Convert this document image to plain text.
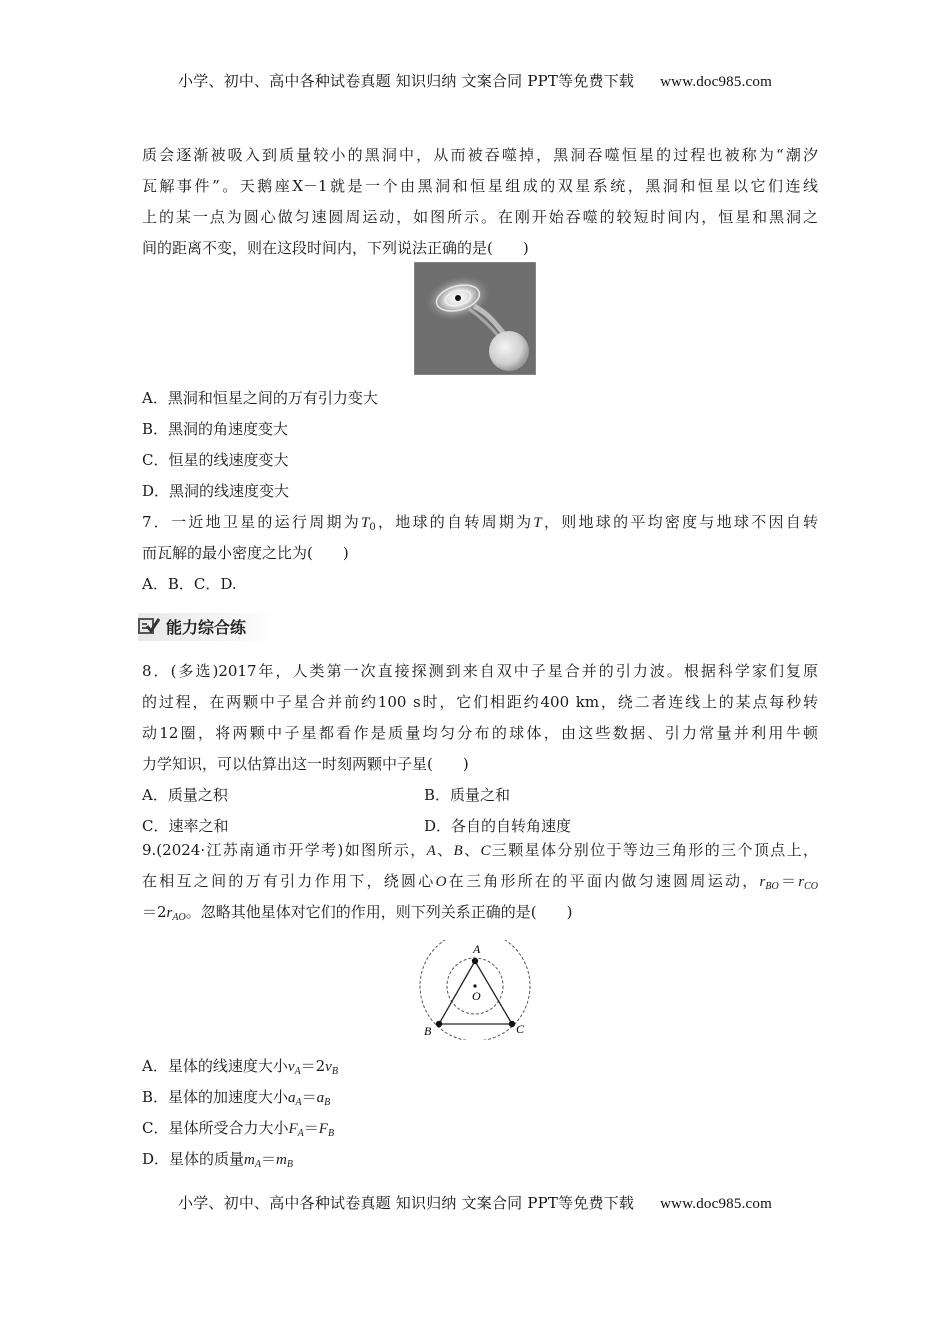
小学、初中、高中各种试卷真题 知识归纳 文案合同 PPT等免费下载 www.doc985.com
质会逐渐被吸入到质量较小的黑洞中，从而被吞噬掉，黑洞吞噬恒星的过程也被称为“潮汐
瓦解事件”。天鹅座X－1就是一个由黑洞和恒星组成的双星系统，黑洞和恒星以它们连线
上的某一点为圆心做匀速圆周运动，如图所示。在刚开始吞噬的较短时间内，恒星和黑洞之
间的距离不变，则在这段时间内，下列说法正确的是(　　)
A．黑洞和恒星之间的万有引力变大
B．黑洞的角速度变大
C．恒星的线速度变大
D．黑洞的线速度变大
7．一近地卫星的运行周期为$T_0$，地球的自转周期为T，则地球的平均密度与地球不因自转
而瓦解的最小密度之比为(　　)
A．B．C．D.
能力综合练
8．(多选)2017年，人类第一次直接探测到来自双中子星合并的引力波。根据科学家们复原
的过程，在两颗中子星合并前约100 s时，它们相距约400 km，绕二者连线上的某点每秒转
动12圈，将两颗中子星都看作是质量均匀分布的球体，由这些数据、引力常量并利用牛顿
力学知识，可以估算出这一时刻两颗中子星(　　)
A．质量之积	B．质量之和
C．速率之和	D．各自的自转角速度
9.(2024·江苏南通市开学考)如图所示，A、B、C三颗星体分别位于等边三角形的三个顶点上，
在相互之间的万有引力作用下，绕圆心O在三角形所在的平面内做匀速圆周运动，$r_{BO}=r_{CO}$
$=2r_{AO}$。忽略其他星体对它们的作用，则下列关系正确的是(　　)
A
B	C
O
A．星体的线速度大小$v_A=2v_B$
B．星体的加速度大小$a_A=a_B$
C．星体所受合力大小$F_A=F_B$
D．星体的质量$m_A=m_B$
小学、初中、高中各种试卷真题 知识归纳 文案合同 PPT等免费下载 www.doc985.com
